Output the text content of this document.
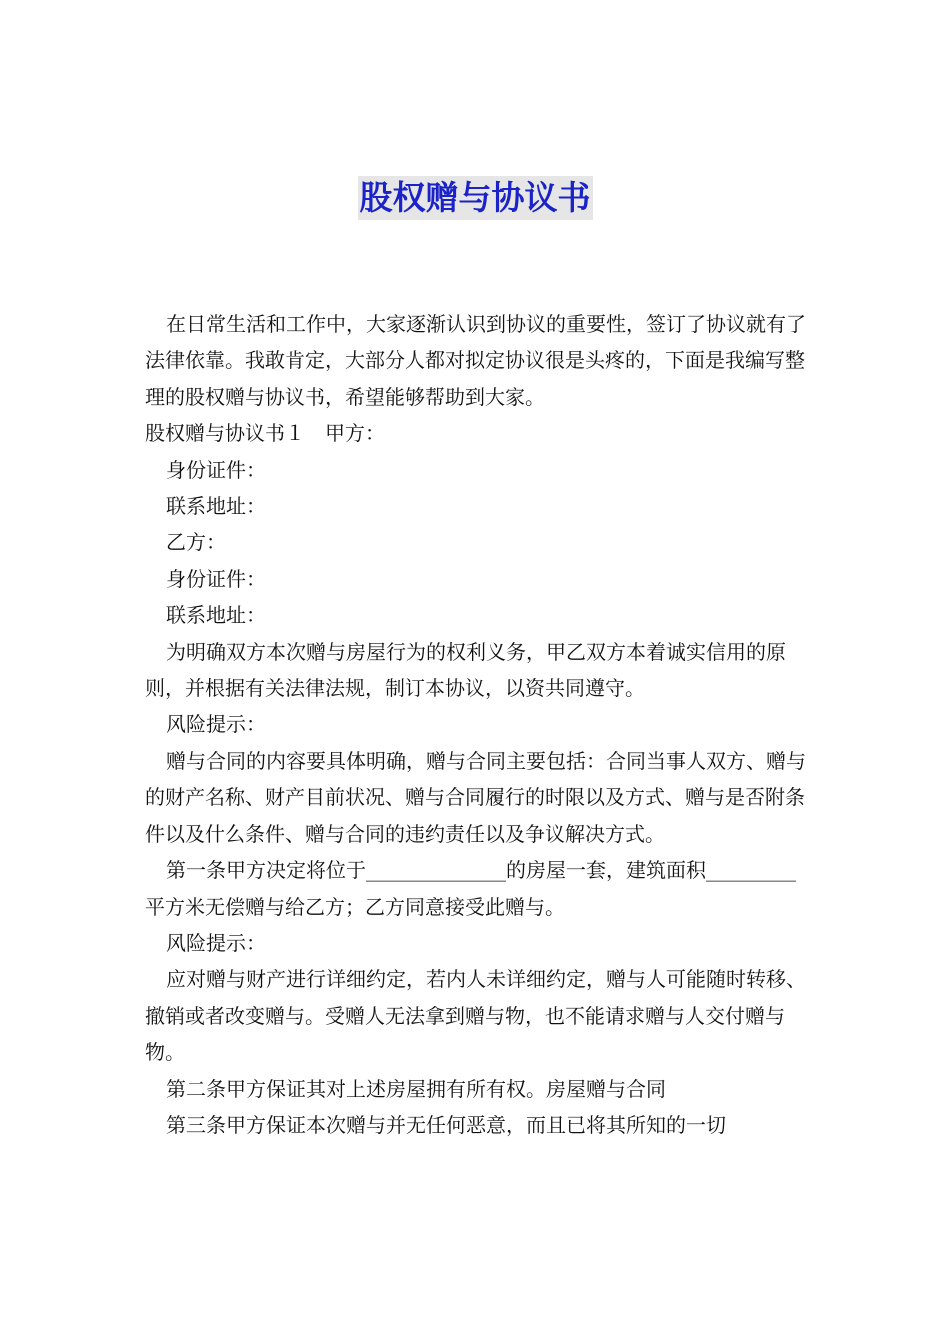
股权赠与协议书

在日常生活和工作中，大家逐渐认识到协议的重要性，签订了协议就有了法律依靠。我敢肯定，大部分人都对拟定协议很是头疼的，下面是我编写整理的股权赠与协议书，希望能够帮助到大家。

股权赠与协议书１　甲方：

身份证件：

联系地址：

乙方：

身份证件：

联系地址：

为明确双方本次赠与房屋行为的权利义务，甲乙双方本着诚实信用的原则，并根据有关法律法规，制订本协议，以资共同遵守。

风险提示：

赠与合同的内容要具体明确，赠与合同主要包括：合同当事人双方、赠与的财产名称、财产目前状况、赠与合同履行的时限以及方式、赠与是否附条件以及什么条件、赠与合同的违约责任以及争议解决方式。

第一条甲方决定将位于______________的房屋一套，建筑面积_________平方米无偿赠与给乙方；乙方同意接受此赠与。

风险提示：

应对赠与财产进行详细约定，若内人未详细约定，赠与人可能随时转移、撤销或者改变赠与。受赠人无法拿到赠与物，也不能请求赠与人交付赠与物。

第二条甲方保证其对上述房屋拥有所有权。房屋赠与合同

第三条甲方保证本次赠与并无任何恶意，而且已将其所知的一切
